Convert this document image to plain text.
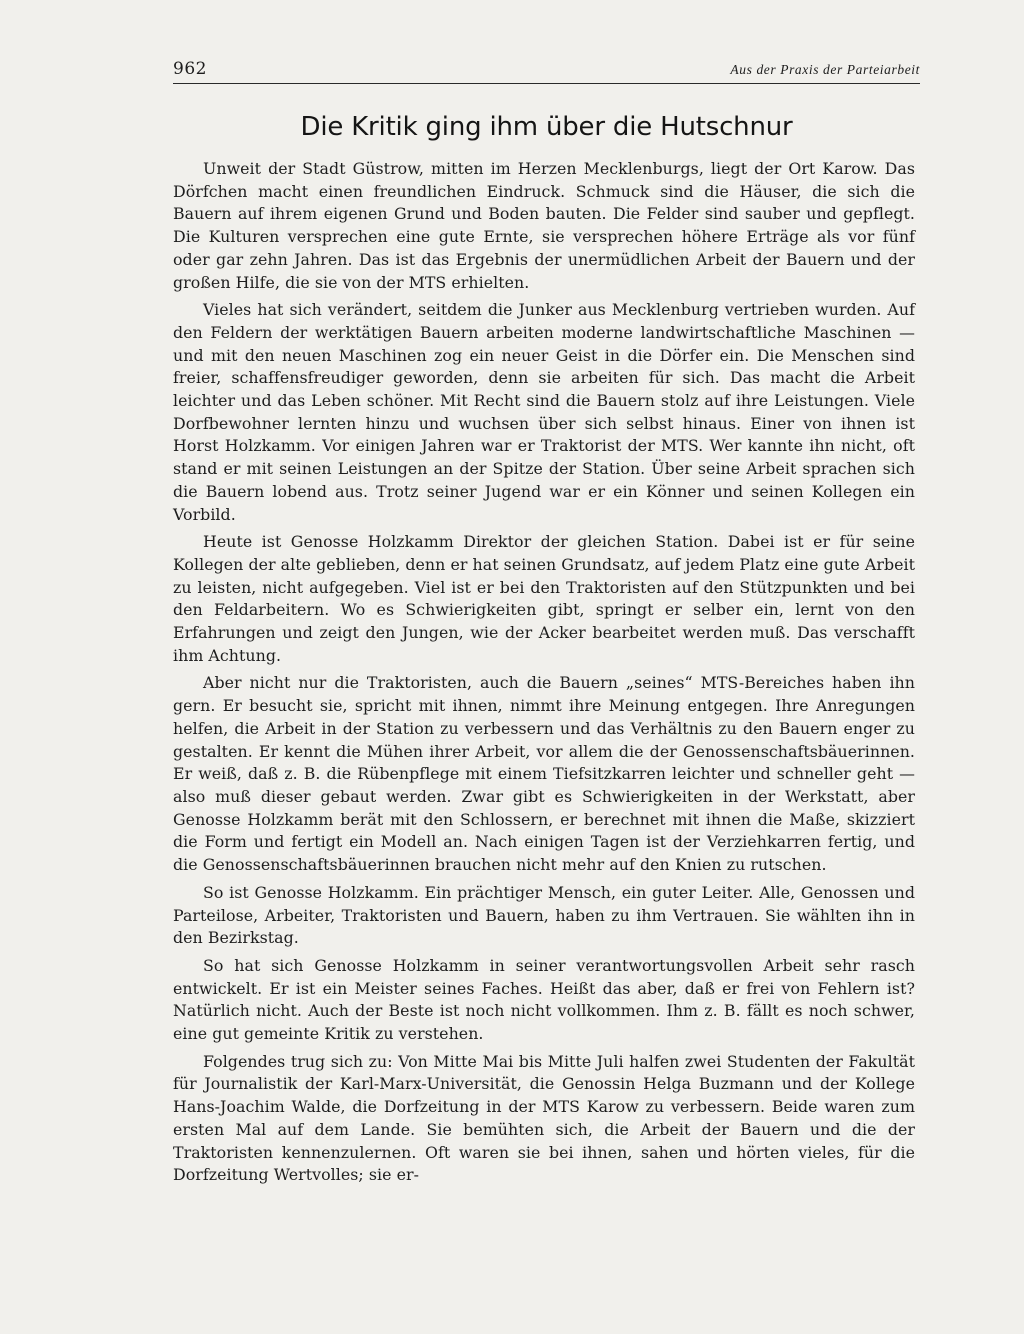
962	Aus der Praxis der Parteiarbeit
Die Kritik ging ihm über die Hutschnur

Unweit der Stadt Güstrow, mitten im Herzen Mecklenburgs, liegt der Ort Karow. Das Dörfchen macht einen freundlichen Eindruck. Schmuck sind die Häuser, die sich die Bauern auf ihrem eigenen Grund und Boden bauten. Die Felder sind sauber und gepflegt. Die Kulturen versprechen eine gute Ernte, sie versprechen höhere Erträge als vor fünf oder gar zehn Jahren. Das ist das Ergebnis der unermüdlichen Arbeit der Bauern und der großen Hilfe, die sie von der MTS erhielten.

Vieles hat sich verändert, seitdem die Junker aus Mecklenburg vertrieben wurden. Auf den Feldern der werktätigen Bauern arbeiten moderne landwirtschaftliche Maschinen — und mit den neuen Maschinen zog ein neuer Geist in die Dörfer ein. Die Menschen sind freier, schaffensfreudiger geworden, denn sie arbeiten für sich. Das macht die Arbeit leichter und das Leben schöner. Mit Recht sind die Bauern stolz auf ihre Leistungen. Viele Dorfbewohner lernten hinzu und wuchsen über sich selbst hinaus. Einer von ihnen ist Horst Holzkamm. Vor einigen Jahren war er Traktorist der MTS. Wer kannte ihn nicht, oft stand er mit seinen Leistungen an der Spitze der Station. Über seine Arbeit sprachen sich die Bauern lobend aus. Trotz seiner Jugend war er ein Könner und seinen Kollegen ein Vorbild.

Heute ist Genosse Holzkamm Direktor der gleichen Station. Dabei ist er für seine Kollegen der alte geblieben, denn er hat seinen Grundsatz, auf jedem Platz eine gute Arbeit zu leisten, nicht aufgegeben. Viel ist er bei den Traktoristen auf den Stützpunkten und bei den Feldarbeitern. Wo es Schwierigkeiten gibt, springt er selber ein, lernt von den Erfahrungen und zeigt den Jungen, wie der Acker bearbeitet werden muß. Das verschafft ihm Achtung.

Aber nicht nur die Traktoristen, auch die Bauern „seines“ MTS-Bereiches haben ihn gern. Er besucht sie, spricht mit ihnen, nimmt ihre Meinung entgegen. Ihre Anregungen helfen, die Arbeit in der Station zu verbessern und das Verhältnis zu den Bauern enger zu gestalten. Er kennt die Mühen ihrer Arbeit, vor allem die der Genossenschaftsbäuerinnen. Er weiß, daß z. B. die Rübenpflege mit einem Tiefsitzkarren leichter und schneller geht — also muß dieser gebaut werden. Zwar gibt es Schwierigkeiten in der Werkstatt, aber Genosse Holzkamm berät mit den Schlossern, er berechnet mit ihnen die Maße, skizziert die Form und fertigt ein Modell an. Nach einigen Tagen ist der Verziehkarren fertig, und die Genossenschaftsbäuerinnen brauchen nicht mehr auf den Knien zu rutschen.

So ist Genosse Holzkamm. Ein prächtiger Mensch, ein guter Leiter. Alle, Genossen und Parteilose, Arbeiter, Traktoristen und Bauern, haben zu ihm Vertrauen. Sie wählten ihn in den Bezirkstag.

So hat sich Genosse Holzkamm in seiner verantwortungsvollen Arbeit sehr rasch entwickelt. Er ist ein Meister seines Faches. Heißt das aber, daß er frei von Fehlern ist? Natürlich nicht. Auch der Beste ist noch nicht vollkommen. Ihm z. B. fällt es noch schwer, eine gut gemeinte Kritik zu verstehen.

Folgendes trug sich zu: Von Mitte Mai bis Mitte Juli halfen zwei Studenten der Fakultät für Journalistik der Karl-Marx-Universität, die Genossin Helga Buzmann und der Kollege Hans-Joachim Walde, die Dorfzeitung in der MTS Karow zu verbessern. Beide waren zum ersten Mal auf dem Lande. Sie bemühten sich, die Arbeit der Bauern und die der Traktoristen kennenzulernen. Oft waren sie bei ihnen, sahen und hörten vieles, für die Dorfzeitung Wertvolles; sie er-
